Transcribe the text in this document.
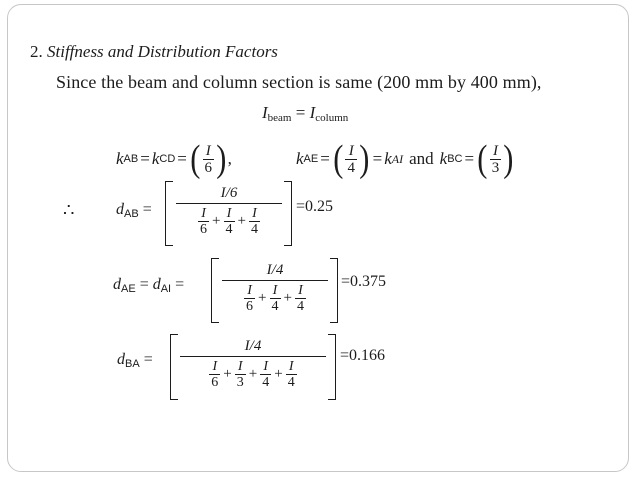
2. Stiffness and Distribution Factors
Since the beam and column section is same (200 mm by 400 mm),
$I_{beam} = I_{column}$
k AB = k CD = ( $\frac{I}{6}$ ) ,	k AE = ( $\frac{I}{4}$ ) = k AI and k BC = ( $\frac{I}{3}$ )
∴	dAB =
I/6
$\frac{I}{6} + \frac{I}{4} + \frac{I}{4} =0.25$
dAE = dAI =
I/4
$\frac{I}{6} + \frac{I}{4} + \frac{I}{4}$
=0.375
dBA =
I/4
$\frac{I}{6} + \frac{I}{3} + \frac{I}{4} + \frac{I}{4}$
=0.166
